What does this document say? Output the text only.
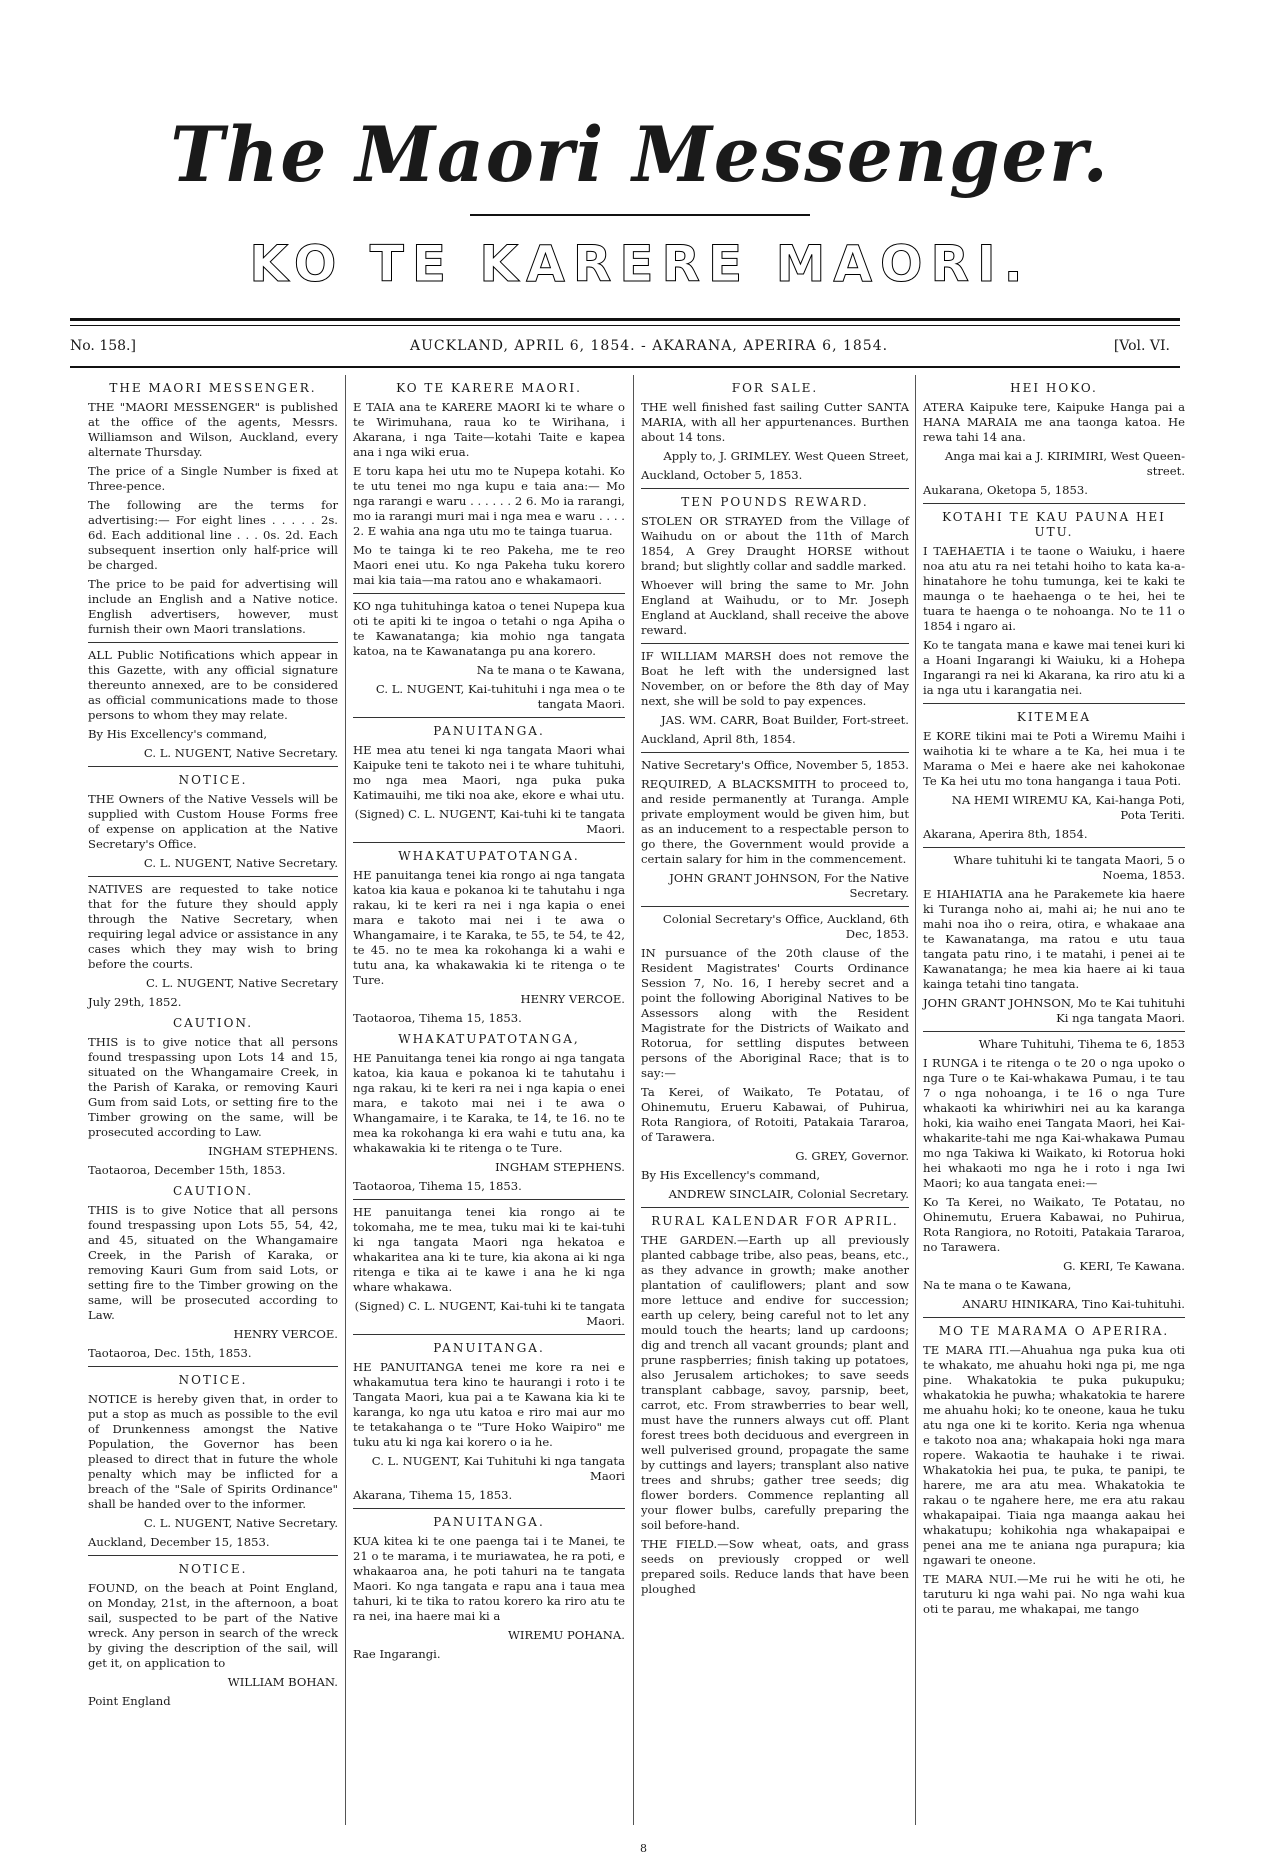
The Maori Messenger.
KO TE KARERE MAORI.
No. 158.]	AUCKLAND, APRIL 6, 1854. - AKARANA, APERIRA 6, 1854.	[Vol. VI.
THE MAORI MESSENGER.

THE "MAORI MESSENGER" is published at the office of the agents, Messrs. Williamson and Wilson, Auckland, every alternate Thursday.

The price of a Single Number is fixed at Three-pence.

The following are the terms for advertising:— For eight lines . . . . . 2s. 6d. Each additional line . . . 0s. 2d. Each subsequent insertion only half-price will be charged.

The price to be paid for advertising will include an English and a Native notice. English advertisers, however, must furnish their own Maori translations.

ALL Public Notifications which appear in this Gazette, with any official signature thereunto annexed, are to be considered as official communications made to those persons to whom they may relate.

By His Excellency's command,

C. L. NUGENT, Native Secretary.

NOTICE.

THE Owners of the Native Vessels will be supplied with Custom House Forms free of expense on application at the Native Secretary's Office.

C. L. NUGENT, Native Secretary.

NATIVES are requested to take notice that for the future they should apply through the Native Secretary, when requiring legal advice or assistance in any cases which they may wish to bring before the courts.

C. L. NUGENT, Native Secretary

July 29th, 1852.

CAUTION.

THIS is to give notice that all persons found trespassing upon Lots 14 and 15, situated on the Whangamaire Creek, in the Parish of Karaka, or removing Kauri Gum from said Lots, or setting fire to the Timber growing on the same, will be prosecuted according to Law.

INGHAM STEPHENS.

Taotaoroa, December 15th, 1853.

CAUTION.

THIS is to give Notice that all persons found trespassing upon Lots 55, 54, 42, and 45, situated on the Whangamaire Creek, in the Parish of Karaka, or removing Kauri Gum from said Lots, or setting fire to the Timber growing on the same, will be prosecuted according to Law.

HENRY VERCOE.

Taotaoroa, Dec. 15th, 1853.

NOTICE.

NOTICE is hereby given that, in order to put a stop as much as possible to the evil of Drunkenness amongst the Native Population, the Governor has been pleased to direct that in future the whole penalty which may be inflicted for a breach of the "Sale of Spirits Ordinance" shall be handed over to the informer.

C. L. NUGENT, Native Secretary.

Auckland, December 15, 1853.

NOTICE.

FOUND, on the beach at Point England, on Monday, 21st, in the afternoon, a boat sail, suspected to be part of the Native wreck. Any person in search of the wreck by giving the description of the sail, will get it, on application to

WILLIAM BOHAN.

Point England

KO TE KARERE MAORI.

E TAIA ana te KARERE MAORI ki te whare o te Wirimuhana, raua ko te Wirihana, i Akarana, i nga Taite—kotahi Taite e kapea ana i nga wiki erua.

E toru kapa hei utu mo te Nupepa kotahi. Ko te utu tenei mo nga kupu e taia ana:— Mo nga rarangi e waru . . . . . . 2 6. Mo ia rarangi, mo ia rarangi muri mai i nga mea e waru . . . . 2. E wahia ana nga utu mo te tainga tuarua.

Mo te tainga ki te reo Pakeha, me te reo Maori enei utu. Ko nga Pakeha tuku korero mai kia taia—ma ratou ano e whakamaori.

KO nga tuhituhinga katoa o tenei Nupepa kua oti te apiti ki te ingoa o tetahi o nga Apiha o te Kawanatanga; kia mohio nga tangata katoa, na te Kawanatanga pu ana korero.

Na te mana o te Kawana,

C. L. NUGENT, Kai-tuhituhi i nga mea o te tangata Maori.

PANUITANGA.

HE mea atu tenei ki nga tangata Maori whai Kaipuke teni te takoto nei i te whare tuhituhi, mo nga mea Maori, nga puka puka Katimauihi, me tiki noa ake, ekore e whai utu.

(Signed) C. L. NUGENT, Kai-tuhi ki te tangata Maori.

WHAKATUPATOTANGA.

HE panuitanga tenei kia rongo ai nga tangata katoa kia kaua e pokanoa ki te tahutahu i nga rakau, ki te keri ra nei i nga kapia o enei mara e takoto mai nei i te awa o Whangamaire, i te Karaka, te 55, te 54, te 42, te 45. no te mea ka rokohanga ki a wahi e tutu ana, ka whakawakia ki te ritenga o te Ture.

HENRY VERCOE.

Taotaoroa, Tihema 15, 1853.

WHAKATUPATOTANGA,

HE Panuitanga tenei kia rongo ai nga tangata katoa, kia kaua e pokanoa ki te tahutahu i nga rakau, ki te keri ra nei i nga kapia o enei mara, e takoto mai nei i te awa o Whangamaire, i te Karaka, te 14, te 16. no te mea ka rokohanga ki era wahi e tutu ana, ka whakawakia ki te ritenga o te Ture.

INGHAM STEPHENS.

Taotaoroa, Tihema 15, 1853.

HE panuitanga tenei kia rongo ai te tokomaha, me te mea, tuku mai ki te kai-tuhi ki nga tangata Maori nga hekatoa e whakaritea ana ki te ture, kia akona ai ki nga ritenga e tika ai te kawe i ana he ki nga whare whakawa.

(Signed) C. L. NUGENT, Kai-tuhi ki te tangata Maori.

PANUITANGA.

HE PANUITANGA tenei me kore ra nei e whakamutua tera kino te haurangi i roto i te Tangata Maori, kua pai a te Kawana kia ki te karanga, ko nga utu katoa e riro mai aur mo te tetakahanga o te "Ture Hoko Waipiro" me tuku atu ki nga kai korero o ia he.

C. L. NUGENT, Kai Tuhituhi ki nga tangata Maori

Akarana, Tihema 15, 1853.

PANUITANGA.

KUA kitea ki te one paenga tai i te Manei, te 21 o te marama, i te muriawatea, he ra poti, e whakaaroa ana, he poti tahuri na te tangata Maori. Ko nga tangata e rapu ana i taua mea tahuri, ki te tika to ratou korero ka riro atu te ra nei, ina haere mai ki a

WIREMU POHANA.

Rae Ingarangi.

FOR SALE.

THE well finished fast sailing Cutter SANTA MARIA, with all her appurtenances. Burthen about 14 tons.

Apply to, J. GRIMLEY. West Queen Street,

Auckland, October 5, 1853.

TEN POUNDS REWARD.

STOLEN OR STRAYED from the Village of Waihudu on or about the 11th of March 1854, A Grey Draught HORSE without brand; but slightly collar and saddle marked.

Whoever will bring the same to Mr. John England at Waihudu, or to Mr. Joseph England at Auckland, shall receive the above reward.

IF WILLIAM MARSH does not remove the Boat he left with the undersigned last November, on or before the 8th day of May next, she will be sold to pay expences.

JAS. WM. CARR, Boat Builder, Fort-street.

Auckland, April 8th, 1854.

Native Secretary's Office, November 5, 1853.

REQUIRED, A BLACKSMITH to proceed to, and reside permanently at Turanga. Ample private employment would be given him, but as an inducement to a respectable person to go there, the Government would provide a certain salary for him in the commencement.

JOHN GRANT JOHNSON, For the Native Secretary.

Colonial Secretary's Office, Auckland, 6th Dec, 1853.

IN pursuance of the 20th clause of the Resident Magistrates' Courts Ordinance Session 7, No. 16, I hereby secret and a point the following Aboriginal Natives to be Assessors along with the Resident Magistrate for the Districts of Waikato and Rotorua, for settling disputes between persons of the Aboriginal Race; that is to say:—

Ta Kerei, of Waikato, Te Potatau, of Ohinemutu, Erueru Kabawai, of Puhirua, Rota Rangiora, of Rotoiti, Patakaia Tararoa, of Tarawera.

G. GREY, Governor.

By His Excellency's command,

ANDREW SINCLAIR, Colonial Secretary.

RURAL KALENDAR FOR APRIL.

THE GARDEN.—Earth up all previously planted cabbage tribe, also peas, beans, etc., as they advance in growth; make another plantation of cauliflowers; plant and sow more lettuce and endive for succession; earth up celery, being careful not to let any mould touch the hearts; land up cardoons; dig and trench all vacant grounds; plant and prune raspberries; finish taking up potatoes, also Jerusalem artichokes; to save seeds transplant cabbage, savoy, parsnip, beet, carrot, etc. From strawberries to bear well, must have the runners always cut off. Plant forest trees both deciduous and evergreen in well pulverised ground, propagate the same by cuttings and layers; transplant also native trees and shrubs; gather tree seeds; dig flower borders. Commence replanting all your flower bulbs, carefully preparing the soil before-hand.

THE FIELD.—Sow wheat, oats, and grass seeds on previously cropped or well prepared soils. Reduce lands that have been ploughed

HEI HOKO.

ATERA Kaipuke tere, Kaipuke Hanga pai a HANA MARAIA me ana taonga katoa. He rewa tahi 14 ana.

Anga mai kai a J. KIRIMIRI, West Queen-street.

Aukarana, Oketopa 5, 1853.

KOTAHI TE KAU PAUNA HEI UTU.

I TAEHAETIA i te taone o Waiuku, i haere noa atu atu ra nei tetahi hoiho to kata ka-a-hinatahore he tohu tumunga, kei te kaki te maunga o te haehaenga o te hei, hei te tuara te haenga o te nohoanga. No te 11 o 1854 i ngaro ai.

Ko te tangata mana e kawe mai tenei kuri ki a Hoani Ingarangi ki Waiuku, ki a Hohepa Ingarangi ra nei ki Akarana, ka riro atu ki a ia nga utu i karangatia nei.

KITEMEA

E KORE tikini mai te Poti a Wiremu Maihi i waihotia ki te whare a te Ka, hei mua i te Marama o Mei e haere ake nei kahokonae Te Ka hei utu mo tona hanganga i taua Poti.

NA HEMI WIREMU KA, Kai-hanga Poti, Pota Teriti.

Akarana, Aperira 8th, 1854.

Whare tuhituhi ki te tangata Maori, 5 o Noema, 1853.

E HIAHIATIA ana he Parakemete kia haere ki Turanga noho ai, mahi ai; he nui ano te mahi noa iho o reira, otira, e whakaae ana te Kawanatanga, ma ratou e utu taua tangata patu rino, i te matahi, i penei ai te Kawanatanga; he mea kia haere ai ki taua kainga tetahi tino tangata.

JOHN GRANT JOHNSON, Mo te Kai tuhituhi Ki nga tangata Maori.

Whare Tuhituhi, Tihema te 6, 1853

I RUNGA i te ritenga o te 20 o nga upoko o nga Ture o te Kai-whakawa Pumau, i te tau 7 o nga nohoanga, i te 16 o nga Ture whakaoti ka whiriwhiri nei au ka karanga hoki, kia waiho enei Tangata Maori, hei Kai-whakarite-tahi me nga Kai-whakawa Pumau mo nga Takiwa ki Waikato, ki Rotorua hoki hei whakaoti mo nga he i roto i nga Iwi Maori; ko aua tangata enei:—

Ko Ta Kerei, no Waikato, Te Potatau, no Ohinemutu, Eruera Kabawai, no Puhirua, Rota Rangiora, no Rotoiti, Patakaia Tararoa, no Tarawera.

G. KERI, Te Kawana.

Na te mana o te Kawana,

ANARU HINIKARA, Tino Kai-tuhituhi.

MO TE MARAMA O APERIRA.

TE MARA ITI.—Ahuahua nga puka kua oti te whakato, me ahuahu hoki nga pi, me nga pine. Whakatokia te puka pukupuku; whakatokia he puwha; whakatokia te harere me ahuahu hoki; ko te oneone, kaua he tuku atu nga one ki te korito. Keria nga whenua e takoto noa ana; whakapaia hoki nga mara ropere. Wakaotia te hauhake i te riwai. Whakatokia hei pua, te puka, te panipi, te harere, me ara atu mea. Whakatokia te rakau o te ngahere here, me era atu rakau whakapaipai. Tiaia nga maanga aakau hei whakatupu; kohikohia nga whakapaipai e penei ana me te aniana nga purapura; kia ngawari te oneone.

TE MARA NUI.—Me rui he witi he oti, he taruturu ki nga wahi pai. No nga wahi kua oti te parau, me whakapai, me tango

8
